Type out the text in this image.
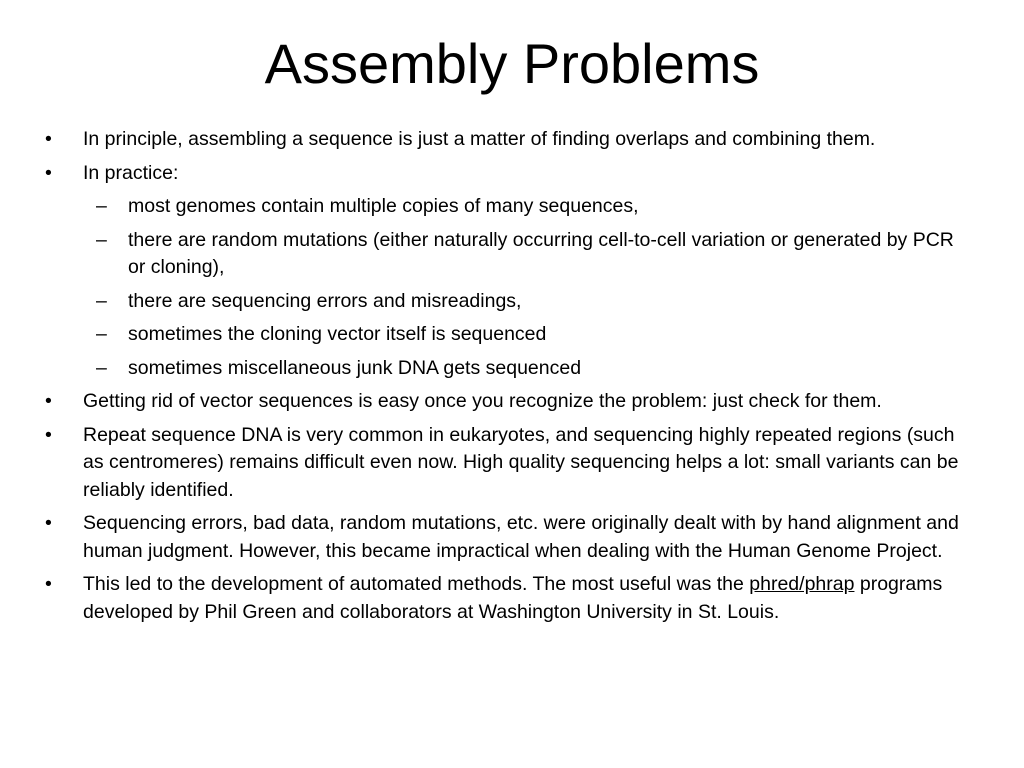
Assembly Problems
• In principle, assembling a sequence is just a matter of finding overlaps and combining them.
• In practice:
– most genomes contain multiple copies of many sequences,
– there are random mutations (either naturally occurring cell-to-cell variation or generated by PCR or cloning),
– there are sequencing errors and misreadings,
– sometimes the cloning vector itself is sequenced
– sometimes miscellaneous junk DNA gets sequenced
• Getting rid of vector sequences is easy once you recognize the problem: just check for them.
• Repeat sequence DNA is very common in eukaryotes, and sequencing highly repeated regions (such as centromeres) remains difficult even now. High quality sequencing helps a lot: small variants can be reliably identified.
• Sequencing errors, bad data, random mutations, etc. were originally dealt with by hand alignment and human judgment. However, this became impractical when dealing with the Human Genome Project.
• This led to the development of automated methods. The most useful was the phred/phrap programs developed by Phil Green and collaborators at Washington University in St. Louis.
